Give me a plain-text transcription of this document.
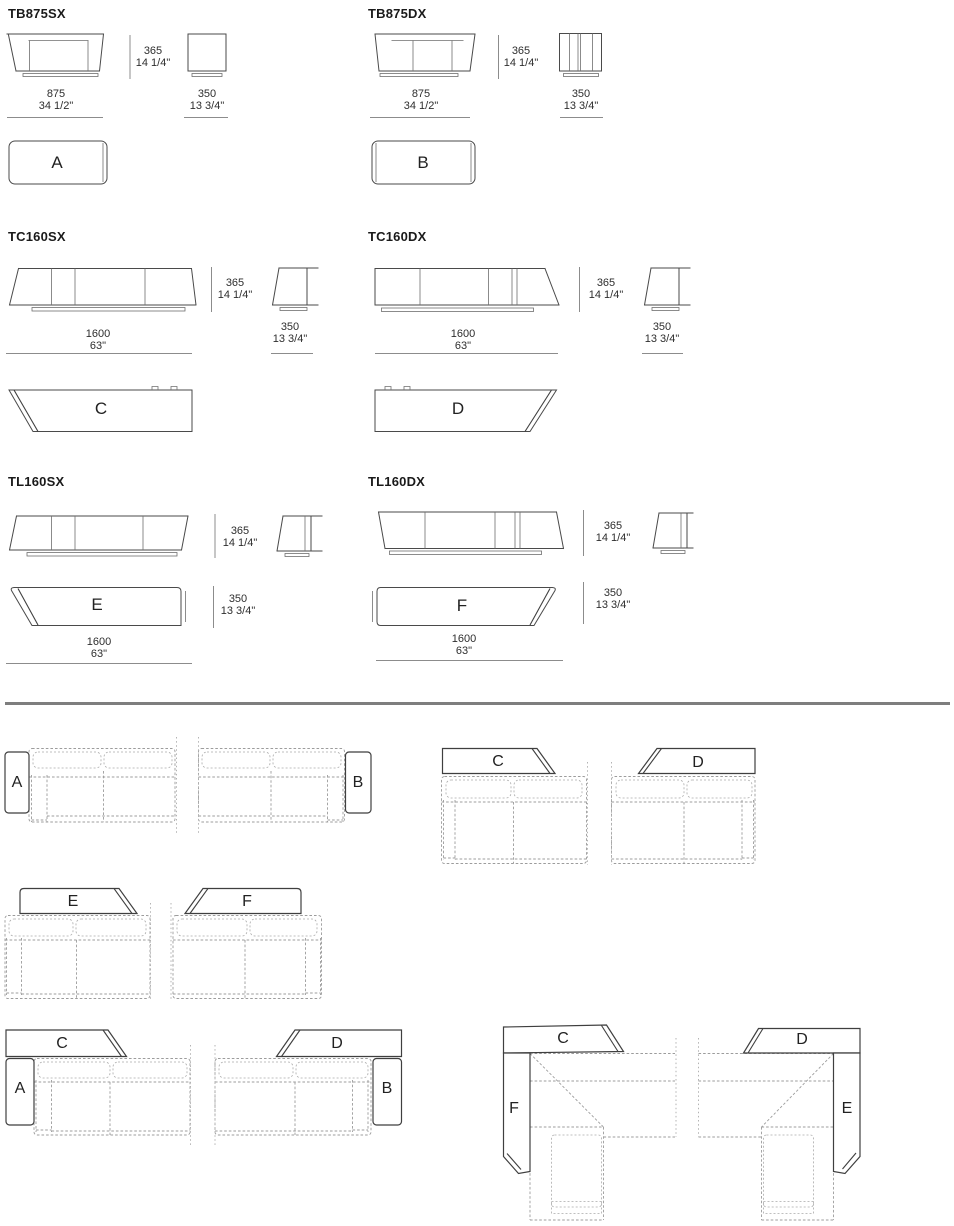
TB875SX
365
14 1/4"
875
34 1/2"
350
13 3/4"
A
TB875DX
365
14 1/4"
875
34 1/2"
350
13 3/4"
B
TC160SX
365
14 1/4"
1600
63"
350
13 3/4"
C
TC160DX
365
14 1/4"
1600
63"
350
13 3/4"
D
TL160SX
365
14 1/4"
350
13 3/4"
1600
63"
E
TL160DX
365
14 1/4"
350
13 3/4"
1600
63"
F
A	B
C	D
E	F
C
A
D
B
C
F
D
E
